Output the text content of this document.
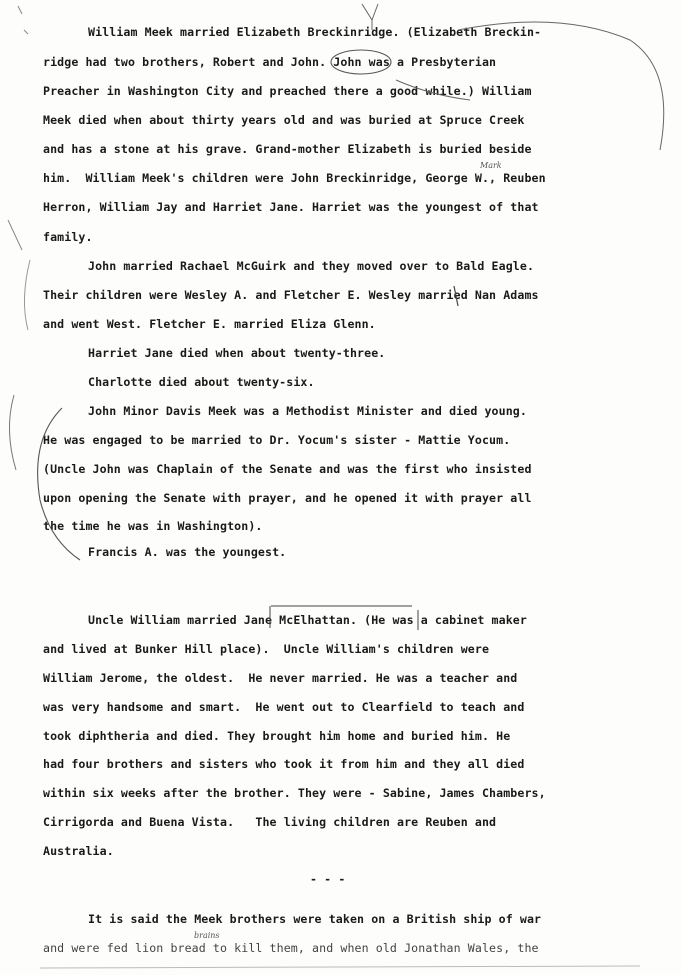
William Meek married Elizabeth Breckinridge. (Elizabeth Breckin-
ridge had two brothers, Robert and John. John was a Presbyterian
Preacher in Washington City and preached there a good while.) William
Meek died when about thirty years old and was buried at Spruce Creek
and has a stone at his grave. Grand-mother Elizabeth is buried beside
him.  William Meek's children were John Breckinridge, George W., Reuben
Herron, William Jay and Harriet Jane. Harriet was the youngest of that
family.
John married Rachael McGuirk and they moved over to Bald Eagle.
Their children were Wesley A. and Fletcher E. Wesley married Nan Adams
and went West. Fletcher E. married Eliza Glenn.
Harriet Jane died when about twenty-three.
Charlotte died about twenty-six.
John Minor Davis Meek was a Methodist Minister and died young.
He was engaged to be married to Dr. Yocum's sister - Mattie Yocum.
(Uncle John was Chaplain of the Senate and was the first who insisted
upon opening the Senate with prayer, and he opened it with prayer all
the time he was in Washington).
Francis A. was the youngest.
Uncle William married Jane McElhattan. (He was a cabinet maker
and lived at Bunker Hill place).  Uncle William's children were
William Jerome, the oldest.  He never married. He was a teacher and
was very handsome and smart.  He went out to Clearfield to teach and
took diphtheria and died. They brought him home and buried him. He
had four brothers and sisters who took it from him and they all died
within six weeks after the brother. They were - Sabine, James Chambers,
Cirrigorda and Buena Vista.   The living children are Reuben and
Australia.
- - -
It is said the Meek brothers were taken on a British ship of war
and were fed lion bread to kill them, and when old Jonathan Wales, the
Mark
brains
